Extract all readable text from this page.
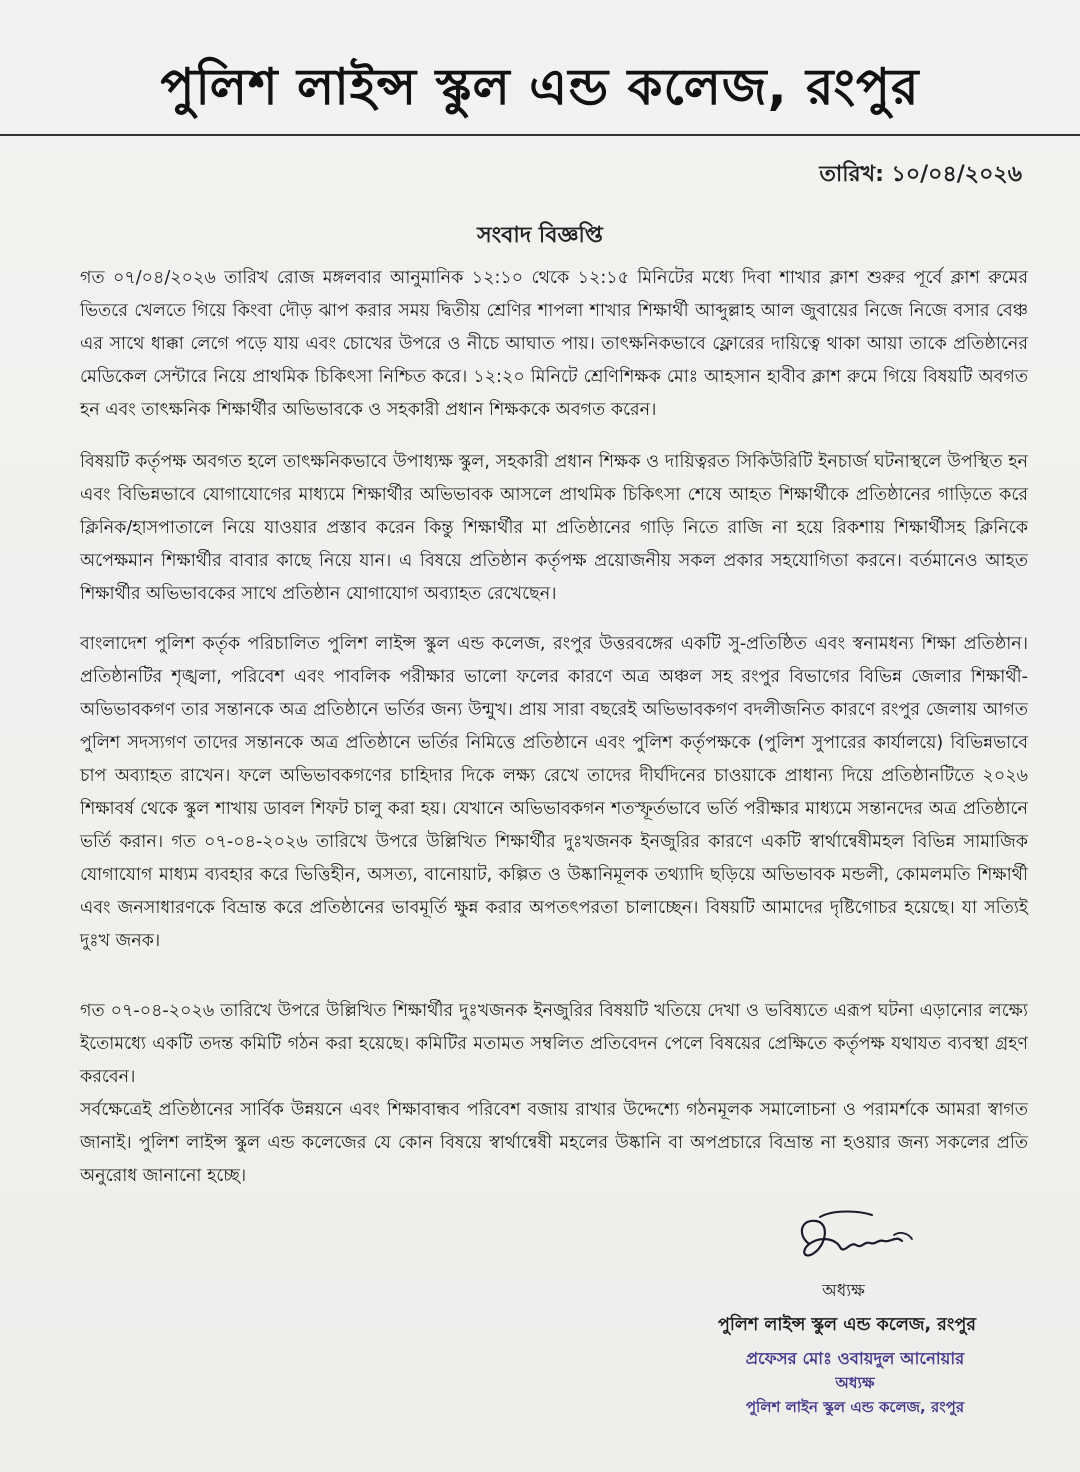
পুলিশ লাইন্স স্কুল এন্ড কলেজ, রংপুর
তারিখ: ১০/০৪/২০২৬
সংবাদ বিজ্ঞপ্তি

গত ০৭/০৪/২০২৬ তারিখ রোজ মঙ্গলবার আনুমানিক ১২:১০ থেকে ১২:১৫ মিনিটের মধ্যে দিবা শাখার ক্লাশ শুরুর পূর্বে ক্লাশ রুমের ভিতরে খেলতে গিয়ে কিংবা দৌড় ঝাপ করার সময় দ্বিতীয় শ্রেণির শাপলা শাখার শিক্ষার্থী আব্দুল্লাহ আল জুবায়ের নিজে নিজে বসার বেঞ্চ এর সাথে ধাক্কা লেগে পড়ে যায় এবং চোখের উপরে ও নীচে আঘাত পায়। তাৎক্ষনিকভাবে ফ্লোরের দায়িত্বে থাকা আয়া তাকে প্রতিষ্ঠানের মেডিকেল সেন্টারে নিয়ে প্রাথমিক চিকিৎসা নিশ্চিত করে। ১২:২০ মিনিটে শ্রেণিশিক্ষক মোঃ আহসান হাবীব ক্লাশ রুমে গিয়ে বিষয়টি অবগত হন এবং তাৎক্ষনিক শিক্ষার্থীর অভিভাবকে ও সহকারী প্রধান শিক্ষককে অবগত করেন।

বিষয়টি কর্তৃপক্ষ অবগত হলে তাৎক্ষনিকভাবে উপাধ্যক্ষ স্কুল, সহকারী প্রধান শিক্ষক ও দায়িত্বরত সিকিউরিটি ইনচার্জ ঘটনাস্থলে উপস্থিত হন এবং বিভিন্নভাবে যোগাযোগের মাধ্যমে শিক্ষার্থীর অভিভাবক আসলে প্রাথমিক চিকিৎসা শেষে আহত শিক্ষার্থীকে প্রতিষ্ঠানের গাড়িতে করে ক্লিনিক/হাসপাতালে নিয়ে যাওয়ার প্রস্তাব করেন কিন্তু শিক্ষার্থীর মা প্রতিষ্ঠানের গাড়ি নিতে রাজি না হয়ে রিকশায় শিক্ষার্থীসহ ক্লিনিকে অপেক্ষমান শিক্ষার্থীর বাবার কাছে নিয়ে যান। এ বিষয়ে প্রতিষ্ঠান কর্তৃপক্ষ প্রয়োজনীয় সকল প্রকার সহযোগিতা করনে। বর্তমানেও আহত শিক্ষার্থীর অভিভাবকের সাথে প্রতিষ্ঠান যোগাযোগ অব্যাহত রেখেছেন।

বাংলাদেশ পুলিশ কর্তৃক পরিচালিত পুলিশ লাইন্স স্কুল এন্ড কলেজ, রংপুর উত্তরবঙ্গের একটি সু-প্রতিষ্ঠিত এবং স্বনামধন্য শিক্ষা প্রতিষ্ঠান। প্রতিষ্ঠানটির শৃঙ্খলা, পরিবেশ এবং পাবলিক পরীক্ষার ভালো ফলের কারণে অত্র অঞ্চল সহ রংপুর বিভাগের বিভিন্ন জেলার শিক্ষার্থী-অভিভাবকগণ তার সন্তানকে অত্র প্রতিষ্ঠানে ভর্তির জন্য উন্মুখ। প্রায় সারা বছরেই অভিভাবকগণ বদলীজনিত কারণে রংপুর জেলায় আগত পুলিশ সদস্যগণ তাদের সন্তানকে অত্র প্রতিষ্ঠানে ভর্তির নিমিত্তে প্রতিষ্ঠানে এবং পুলিশ কর্তৃপক্ষকে (পুলিশ সুপারের কার্যালয়ে) বিভিন্নভাবে চাপ অব্যাহত রাখেন। ফলে অভিভাবকগণের চাহিদার দিকে লক্ষ্য রেখে তাদের দীর্ঘদিনের চাওয়াকে প্রাধান্য দিয়ে প্রতিষ্ঠানটিতে ২০২৬ শিক্ষাবর্ষ থেকে স্কুল শাখায় ডাবল শিফট চালু করা হয়। যেখানে অভিভাবকগন শতস্ফূর্তভাবে ভর্তি পরীক্ষার মাধ্যমে সন্তানদের অত্র প্রতিষ্ঠানে ভর্তি করান। গত ০৭-০৪-২০২৬ তারিখে উপরে উল্লিখিত শিক্ষার্থীর দুঃখজনক ইনজুরির কারণে একটি স্বার্থান্বেষীমহল বিভিন্ন সামাজিক যোগাযোগ মাধ্যম ব্যবহার করে ভিত্তিহীন, অসত্য, বানোয়াট, কল্পিত ও উষ্কানিমূলক তথ্যাদি ছড়িয়ে অভিভাবক মন্ডলী, কোমলমতি শিক্ষার্থী এবং জনসাধারণকে বিভ্রান্ত করে প্রতিষ্ঠানের ভাবমূর্তি ক্ষুন্ন করার অপতৎপরতা চালাচ্ছেন। বিষয়টি আমাদের দৃষ্টিগোচর হয়েছে। যা সত্যিই দুঃখ জনক।

গত ০৭-০৪-২০২৬ তারিখে উপরে উল্লিখিত শিক্ষার্থীর দুঃখজনক ইনজুরির বিষয়টি খতিয়ে দেখা ও ভবিষ্যতে এরূপ ঘটনা এড়ানোর লক্ষ্যে ইতোমধ্যে একটি তদন্ত কমিটি গঠন করা হয়েছে। কমিটির মতামত সম্বলিত প্রতিবেদন পেলে বিষয়ের প্রেক্ষিতে কর্তৃপক্ষ যথাযত ব্যবস্থা গ্রহণ করবেন।

সর্বক্ষেত্রেই প্রতিষ্ঠানের সার্বিক উন্নয়নে এবং শিক্ষাবান্ধব পরিবেশ বজায় রাখার উদ্দেশ্যে গঠনমূলক সমালোচনা ও পরামর্শকে আমরা স্বাগত জানাই। পুলিশ লাইন্স স্কুল এন্ড কলেজের যে কোন বিষয়ে স্বার্থান্বেষী মহলের উষ্কানি বা অপপ্রচারে বিভ্রান্ত না হওয়ার জন্য সকলের প্রতি অনুরোধ জানানো হচ্ছে।

অধ্যক্ষ
পুলিশ লাইন্স স্কুল এন্ড কলেজ, রংপুর
প্রফেসর মোঃ ওবায়দুল আনোয়ার
অধ্যক্ষ
পুলিশ লাইন স্কুল এন্ড কলেজ, রংপুর
